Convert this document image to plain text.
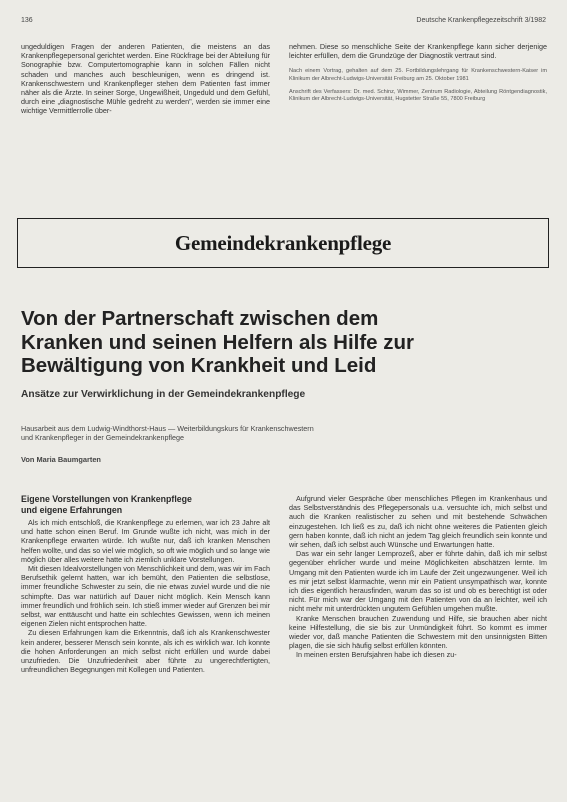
136	Deutsche Krankenpflegezeitschrift 3/1982

ungeduldigen Fragen der anderen Patienten, die meistens an das Krankenpflegepersonal gerichtet werden. Eine Rückfrage bei der Abteilung für Sonographie bzw. Computertomographie kann in solchen Fällen nicht schaden und manches auch beschleunigen, wenn es dringend ist. Krankenschwestern und Krankenpfleger stehen dem Patienten fast immer näher als die Ärzte. In seiner Sorge, Ungewißheit, Ungeduld und dem Gefühl, durch eine „diagnostische Mühle gedreht zu werden", werden sie immer eine wichtige Vermittlerrolle über-

nehmen. Diese so menschliche Seite der Krankenpflege kann sicher derjenige leichter erfüllen, dem die Grundzüge der Diagnostik vertraut sind.

Nach einem Vortrag, gehalten auf dem 25. Fortbildungslehrgang für Krankenschwestern-Kaiser im Klinikum der Albrecht-Ludwigs-Universität Freiburg am 25. Oktober 1981
Anschrift des Verfassers: Dr. med. Schinz, Wimmer, Zentrum Radiologie, Abteilung Röntgendiagnostik, Klinikum der Albrecht-Ludwigs-Universität, Hugstetter Straße 55, 7800 Freiburg
Gemeindekrankenpflege
Von der Partnerschaft zwischen dem
Kranken und seinen Helfern als Hilfe zur
Bewältigung von Krankheit und Leid
Ansätze zur Verwirklichung in der Gemeindekrankenpflege
Hausarbeit aus dem Ludwig-Windthorst-Haus — Weiterbildungskurs für Krankenschwestern
und Krankenpfleger in der Gemeindekrankenpflege
Von Maria Baumgarten
Eigene Vorstellungen von Krankenpflege
und eigene Erfahrungen

Als ich mich entschloß, die Krankenpflege zu erlernen, war ich 23 Jahre alt und hatte schon einen Beruf. Im Grunde wußte ich nicht, was mich in der Krankenpflege erwarten würde. Ich wußte nur, daß ich kranken Menschen helfen wollte, und das so viel wie möglich, so oft wie möglich und so lange wie möglich über alles weitere hatte ich ziemlich unklare Vorstellungen.

Mit diesen Idealvorstellungen von Menschlichkeit und dem, was wir im Fach Berufsethik gelernt hatten, war ich bemüht, den Patienten die selbstlose, immer freundliche Schwester zu sein, die nie etwas zuviel wurde und die nie schimpfte. Das war natürlich auf Dauer nicht möglich. Kein Mensch kann immer freundlich und fröhlich sein. Ich stieß immer wieder auf Grenzen bei mir selbst, war enttäuscht und hatte ein schlechtes Gewissen, wenn ich meinen eigenen Zielen nicht entsprochen hatte.

Zu diesen Erfahrungen kam die Erkenntnis, daß ich als Krankenschwester kein anderer, besserer Mensch sein konnte, als ich es wirklich war. Ich konnte die hohen Anforderungen an mich selbst nicht erfüllen und wurde dabei unzufrieden. Die Unzufriedenheit aber führte zu ungerechtfertigten, unfreundlichen Begegnungen mit Kollegen und Patienten.

Aufgrund vieler Gespräche über menschliches Pflegen im Krankenhaus und das Selbstverständnis des Pflegepersonals u.a. versuchte ich, mich selbst und auch die Kranken realistischer zu sehen und mit bestehende Schwächen einzugestehen. Ich ließ es zu, daß ich nicht ohne weiteres die Patienten gleich gern haben konnte, daß ich nicht an jedem Tag gleich freundlich sein konnte und wir sehen, daß ich selbst auch Wünsche und Erwartungen hatte.

Das war ein sehr langer Lernprozeß, aber er führte dahin, daß ich mir selbst gegenüber ehrlicher wurde und meine Möglichkeiten abschätzen lernte. Im Umgang mit den Patienten wurde ich im Laufe der Zeit ungezwungener. Weil ich es mir jetzt selbst klarmachte, wenn mir ein Patient unsympathisch war, konnte ich dies eigentlich herausfinden, warum das so ist und ob es berechtigt ist oder nicht. Für mich war der Umgang mit den Patienten von da an leichter, weil ich nicht mehr mit unterdrückten ungutem Gefühlen umgehen mußte.

Kranke Menschen brauchen Zuwendung und Hilfe, sie brauchen aber nicht keine Hilfestellung, die sie bis zur Unmündigkeit führt. So kommt es immer wieder vor, daß manche Patienten die Schwestern mit den unsinnigsten Bitten plagen, die sie sich häufig selbst erfüllen könnten.

In meinen ersten Berufsjahren habe ich diesen zu-
